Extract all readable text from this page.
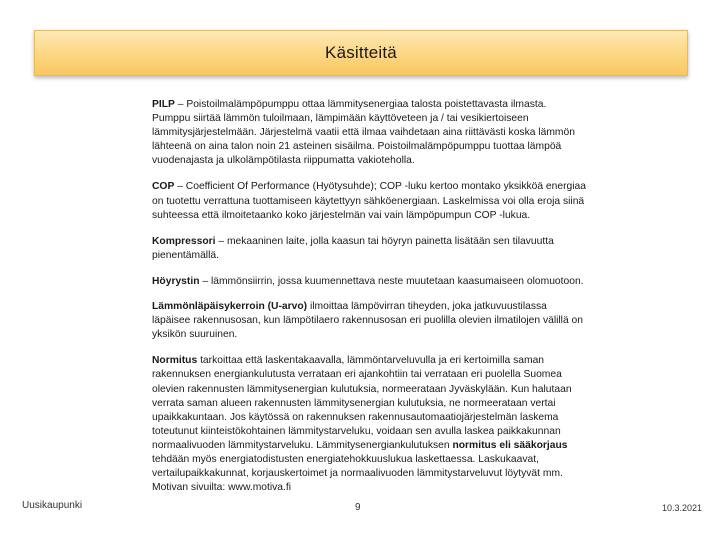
Käsitteitä

PILP – Poistoilmalämpöpumppu ottaa lämmitysenergiaa talosta poistettavasta ilmasta. Pumppu siirtää lämmön tuloilmaan, lämpimään käyttöveteen ja / tai vesikiertoiseen lämmitysjärjestelmään. Järjestelmä vaatii että ilmaa vaihdetaan aina riittävästi koska lämmön lähteenä on aina talon noin 21 asteinen sisäilma. Poistoilmalämpöpumppu tuottaa lämpöä vuodenajasta ja ulkolämpötilasta riippumatta vakioteholla.

COP – Coefficient Of Performance (Hyötysuhde); COP -luku kertoo montako yksikköä energiaa on tuotettu verrattuna tuottamiseen käytettyyn sähköenergiaan. Laskelmissa voi olla eroja siinä suhteessa että ilmoitetaanko koko järjestelmän vai vain lämpöpumpun COP -lukua.

Kompressori – mekaaninen laite, jolla kaasun tai höyryn painetta lisätään sen tilavuutta pienentämällä.

Höyrystin – lämmönsiirrin, jossa kuumennettava neste muutetaan kaasumaiseen olomuotoon.

Lämmönläpäisykerroin (U-arvo) ilmoittaa lämpövirran tiheyden, joka jatkuvuustilassa läpäisee rakennusosan, kun lämpötilaero rakennusosan eri puolilla olevien ilmatilojen välillä on yksikön suuruinen.

Normitus tarkoittaa että laskentakaavalla, lämmöntarveluvulla ja eri kertoimilla saman rakennuksen energiankulutusta verrataan eri ajankohtiin tai verrataan eri puolella Suomea olevien rakennusten lämmitysenergian kulutuksia, normeerataan Jyväskylään. Kun halutaan verrata saman alueen rakennusten lämmitysenergian kulutuksia, ne normeerataan vertai upaikkakuntaan. Jos käytössä on rakennuksen rakennusautomaatiojärjestelmän laskema toteutunut kiinteistökohtainen lämmitystarveluku, voidaan sen avulla laskea paikkakunnan normaalivuoden lämmitystarveluku. Lämmitysenergiankulutuksen normitus eli sääkorjaus tehdään myös energiatodistusten energiatehokkuuslukua laskettaessa. Laskukaavat, vertailupaikkakunnat, korjauskertoimet ja normaalivuoden lämmitystarveluvut löytyvät mm. Motivan sivuilta: www.motiva.fi

Uusikaupunki	9	10.3.2021
